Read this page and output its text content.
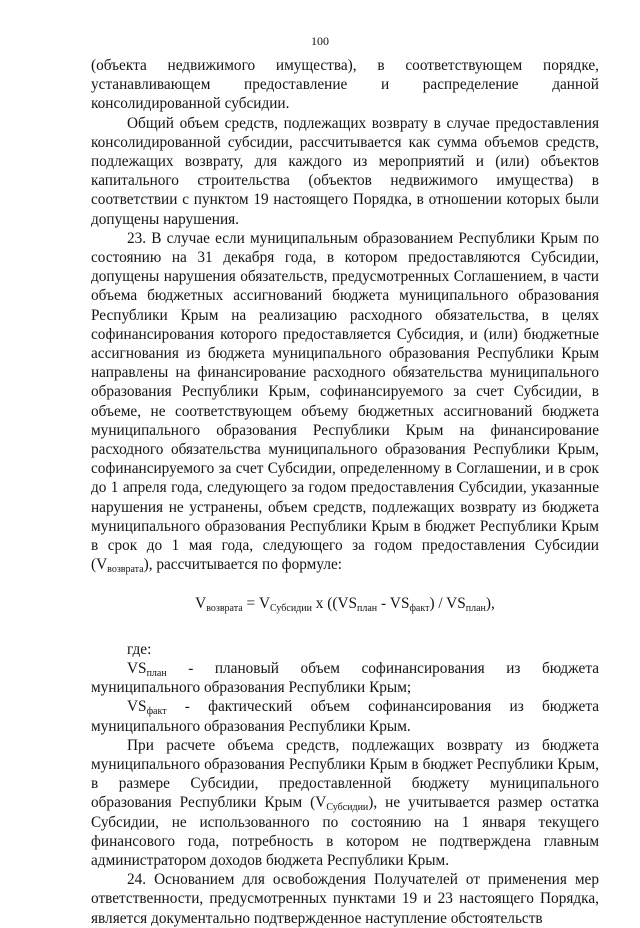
100

(объекта недвижимого имущества), в соответствующем порядке, устанавливающем предоставление и распределение данной консолидированной субсидии.

Общий объем средств, подлежащих возврату в случае предоставления консолидированной субсидии, рассчитывается как сумма объемов средств, подлежащих возврату, для каждого из мероприятий и (или) объектов капитального строительства (объектов недвижимого имущества) в соответствии с пунктом 19 настоящего Порядка, в отношении которых были допущены нарушения.

23. В случае если муниципальным образованием Республики Крым по состоянию на 31 декабря года, в котором предоставляются Субсидии, допущены нарушения обязательств, предусмотренных Соглашением, в части объема бюджетных ассигнований бюджета муниципального образования Республики Крым на реализацию расходного обязательства, в целях софинансирования которого предоставляется Субсидия, и (или) бюджетные ассигнования из бюджета муниципального образования Республики Крым направлены на финансирование расходного обязательства муниципального образования Республики Крым, софинансируемого за счет Субсидии, в объеме, не соответствующем объему бюджетных ассигнований бюджета муниципального образования Республики Крым на финансирование расходного обязательства муниципального образования Республики Крым, софинансируемого за счет Субсидии, определенному в Соглашении, и в срок до 1 апреля года, следующего за годом предоставления Субсидии, указанные нарушения не устранены, объем средств, подлежащих возврату из бюджета муниципального образования Республики Крым в бюджет Республики Крым в срок до 1 мая года, следующего за годом предоставления Субсидии $(V_{возврата})$, рассчитывается по формуле:

$V_{возврата} = V_{Субсидии}$ x $((VS_{план} - VS_{факт}) / VS_{план})$,

где:

$VS_{план}$ - плановый объем софинансирования из бюджета муниципального образования Республики Крым;

$VS_{факт}$ - фактический объем софинансирования из бюджета муниципального образования Республики Крым.

При расчете объема средств, подлежащих возврату из бюджета муниципального образования Республики Крым в бюджет Республики Крым, в размере Субсидии, предоставленной бюджету муниципального образования Республики Крым $(V_{Субсидии})$, не учитывается размер остатка Субсидии, не использованного по состоянию на 1 января текущего финансового года, потребность в котором не подтверждена главным администратором доходов бюджета Республики Крым.

24. Основанием для освобождения Получателей от применения мер ответственности, предусмотренных пунктами 19 и 23 настоящего Порядка, является документально подтвержденное наступление обстоятельств
